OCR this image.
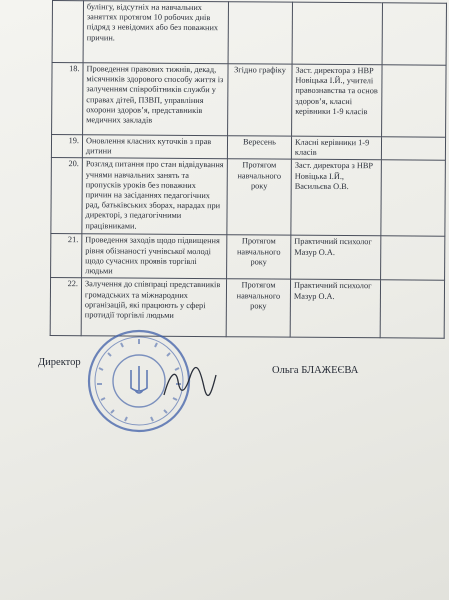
	булінгу, відсутніх на навчальних заняттях протягом 10 робочих днів підряд з невідомих або без поважних причин.			
18.	Проведення правових тижнів, декад, місячників здорового способу життя із залученням співробітників служби у справах дітей, ПЗВП, управління охорони здоров’я, представників медичних закладів	Згідно графіку	Заст. директора з НВР Новіцька І.Й., учителі правознавства та основ здоров’я, класні керівники 1-9 класів	
19.	Оновлення класних куточків з прав дитини	Вересень	Класні керівники 1-9 класів	
20.	Розгляд питання про стан відвідування учнями навчальних занять та пропусків уроків без поважних причин на засіданнях педагогічних рад, батьківських зборах, нарадах при директорі, з педагогічними працівниками.	Протягом навчального року	Заст. директора з НВР Новіцька І.Й., Васильєва О.В.	
21.	Проведення заходів щодо підвищення рівня обізнаності учнівської молоді щодо сучасних проявів торгівлі людьми	Протягом навчального року	Практичний психолог Мазур О.А.	
22.	Залучення до співпраці представників громадських та міжнародних організацій, які працюють у сфері протидії торгівлі людьми	Протягом навчального року	Практичний психолог Мазур О.А.	
Директор
Ольга БЛАЖЕЄВА
